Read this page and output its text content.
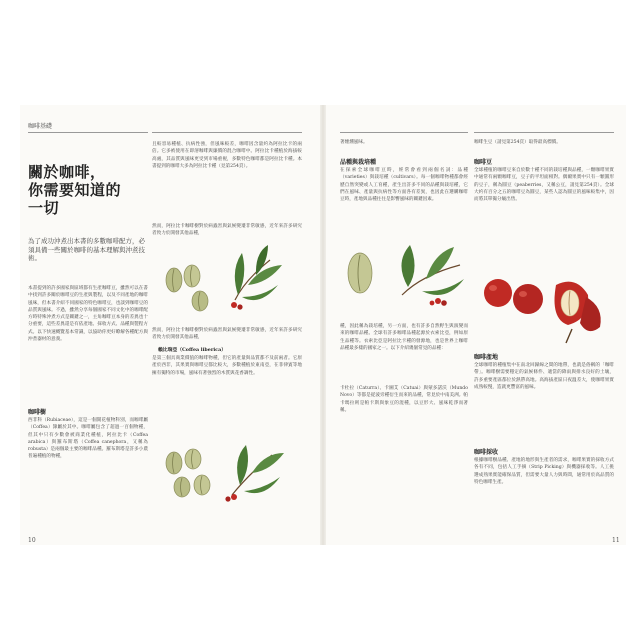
咖啡基礎
關於咖啡，
你需要知道的
一切
為了成功沖煮出本書的多數咖啡配方，必須具備一些關於咖啡的基本理解與沖煮技術。
本書提到的許多國家與區域都有生產咖啡豆，雖然可以在書中找到許多關於咖啡豆的生產與製程，以及不同產地的咖啡風味，但本書介紹不同國家的特色咖啡豆，也談到咖啡豆的品質與風味。不過，雖然分享每個國家不同文化中的咖啡配方時特殊沖煮方式是關鍵之一，主角咖啡豆本身的差異也十分重要，這些差異還是有依產地、採收方式、品種與製程方式。以下快速概覽基本常識，以協助你更好瞭解各種配方與沖煮器材的意義。
咖啡樹
西非科（Rubiaceae），這是一個開花植物科別，而咖啡屬（Coffea）隸屬於其中。咖啡屬包含了超過一百個物種，但其中只有少數會被商業化種植，阿拉比卡（Coffea arabica）與羅布斯塔（Coffea canephora，又稱為robusta）是兩個最主要的咖啡品種。羅布斯塔是許多小農普遍種植的物種，
且較容易種植、抗病性強，但風味較差，咖啡因含量約為阿拉比卡的兩倍。它多被使用在即溶咖啡與廉價的混合咖啡中。阿拉比卡種植於海拔較高處，其品質與風味更受到市場重視，多數特色咖啡都是阿拉比卡種。本書提到的咖啡大多為阿拉比卡種（見第254頁）。
然而，阿拉比卡咖啡樹對於病蟲害與氣候變遷非常敏感，近年來許多研究者致力於開發其他品種，
然而，阿拉比卡咖啡樹對於病蟲害與氣候變遷非常敏感，近年來許多研究者致力於開發其他品種，
賴比瑞亞（Coffea liberica）
是第三個具商業價值的咖啡物種，但它的產量與品質都不及前兩者。它原產於西非，其果實與咖啡豆都比較大，多數種植於東南亞，在菲律賓等地擁有獨特的市場，風味有著強烈的木質與花香調性。
10
著煙燻風味。
品種與栽培種
在探索全球咖啡豆時，經常會看到兩個名詞：品種（varieties）與栽培種（cultivars）。每一個咖啡物種都會經歷自然突變或人工育種，產生出許多不同的品種與栽培種，它們在風味、產量與抗病性等方面各有差異，也因此在選購咖啡豆時，產地與品種往往是影響風味的關鍵因素。
種，因此稱為栽培種，另一方面，也有許多自然野生與演變而來的咖啡品種。全球有許多咖啡品種起源於衣索比亞，例如原生品種等。衣索比亞是阿拉比卡種的發源地，也是世界上咖啡品種最多樣的國家之一。以下介紹幾個常見的品種：
卡杜拉（Caturra）、卡圖艾（Catuai）與蒙多諾沃（Mundo Novo）等都是從波旁種衍生而來的品種，常見於中南美洲。帕卡瑪拉則是帕卡斯與象豆的混種，以豆形大、風味乾淨而著稱。
咖啡生豆（請見第254頁）取得最高標價。
咖啡豆
全球種植的咖啡豆來自於數十種不同的栽培種與品種，一顆咖啡果實中通常有兩顆咖啡豆，豆子的平坦面相對。偶爾果實中只有一顆圓形的豆子，稱為圓豆（peaberries，又稱公豆，請見第254頁）。全球大約有百分之五的咖啡豆為圓豆，某些人認為圓豆的風味較集中，因而將其單獨分級出售。
咖啡產地
全球咖啡的種植集中在南北回歸線之間的地帶，也就是俗稱的「咖啡帶」。咖啡樹需要穩定的氣候條件、適當的降雨與排水良好的土壤，許多重要產區都位於熱帶高地。高海拔產區日夜溫差大，使咖啡果實成熟較慢，造就更豐富的風味。
咖啡採收
根據咖啡樹品種、產地的地形與生產者的需求，咖啡果實的採收方式各有不同，包括人工手摘（Strip Picking）與機器採收等。人工挑選成熟果實能確保品質，但需要大量人力與時間，通常用於高品質的特色咖啡生產。
11
